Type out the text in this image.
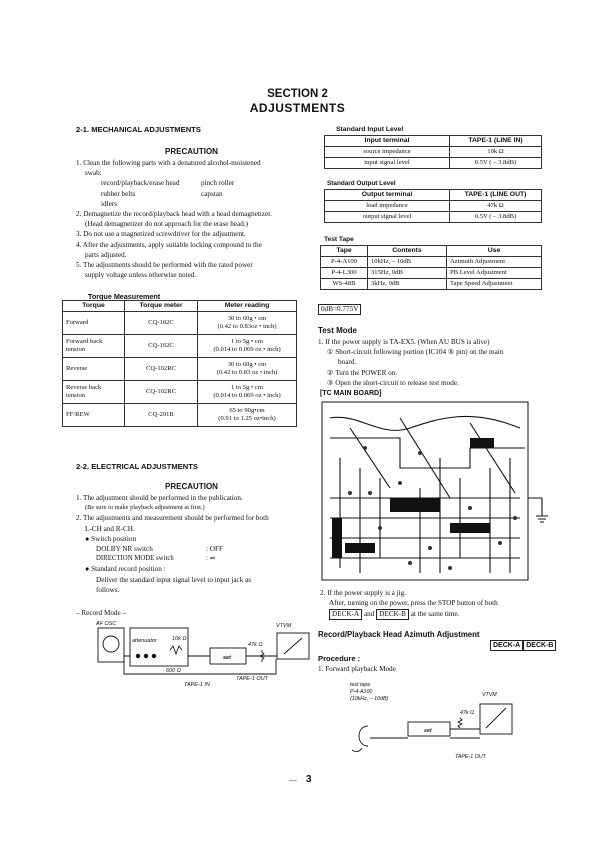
SECTION 2
ADJUSTMENTS
2-1. MECHANICAL ADJUSTMENTS
PRECAUTION
1. Clean the following parts with a denatured alcohol-moistened
swab:
record/playback/erase head
rubber belts
idlers
pinch roller
capstan
2. Demagnetize the record/playback head with a head demagnetizer.
(Head demagnetizer do not approach for the erase head.)
3. Do not use a magnetized screwdriver for the adjustment.
4. After the adjustments, apply suitable locking compound to the
parts adjusted.
5. The adjustments should be performed with the rated power
supply voltage unless otherwise noted.
Torque Measurement
Torque	Torque meter	Meter reading
Forward	CQ-102C	30 to 60g • cm
(0.42 to 0.83oz • inch)

Forward back tension	CQ-102C	1 to 5g • cm
(0.014 to 0.069 oz • inch)

Reverse	CQ-102RC	30 to 60g • cm
(0.42 to 0.83 oz • inch)

Reverse back tension	CQ-102RC	1 to 5g • cm
(0.014 to 0.069 oz • inch)

FF/REW	CQ-201B	65 to 90g•cm
(0.91 to 1.25 oz•inch)
2-2. ELECTRICAL ADJUSTMENTS
PRECAUTION
1. The adjustment should be performed in the publication.
(Be sure to make playback adjustment at first.)
2. The adjustments and measurement should be performed for both
L-CH and R-CH.
● Switch position
DOLBY NR switch	: OFF
DIRECTION MODE switch	: ⇌
● Standard record position :
Deliver the standard input signal level to input jack as
follows.
– Record Mode –
AF OSC
attenuator	10k Ω
600 Ω
47k Ω
set
VTVM
TAPE-1 IN
TAPE-1 OUT
Standard Input Level
Input terminal	TAPE-1 (LINE IN)
source impedance	10k Ω
input signal level	0.5V ( – 3.8dB)
Standard Output Level
Output terminal	TAPE-1 (LINE OUT)
load impedance	47k Ω
output signal level	0.5V ( – 3.8dB)
Test Tape
Tape	Contents	Use
P-4-A100	10kHz, – 10dB	Azimuth Adjustment
P-4-L300	315Hz, 0dB	PB Level Adjustment
WS-48B	3kHz, 0dB	Tape Speed Adjustment
0dB=0.775V
Test Mode
1. If the power supply is TA-EX5. (When AU BUS is alive)
① Short-circuit following portion (IC104 ⑤ pin) on the main
board.
② Turn the POWER on.
③ Open the short-circuit to release test mode.
[TC MAIN BOARD]
2. If the power supply is a jig.
After, turning on the power, press the STOP button of both
DECK-A and DECK-B at the same time.
Record/Playback Head Azimuth Adjustment
DECK-A DECK-B
Procedure :
1. Forward playback Mode
test tape
P-4-A100
(10kHz, – 10dB)
VTVM
47k Ω
set
TAPE-1 OUT
— 3
